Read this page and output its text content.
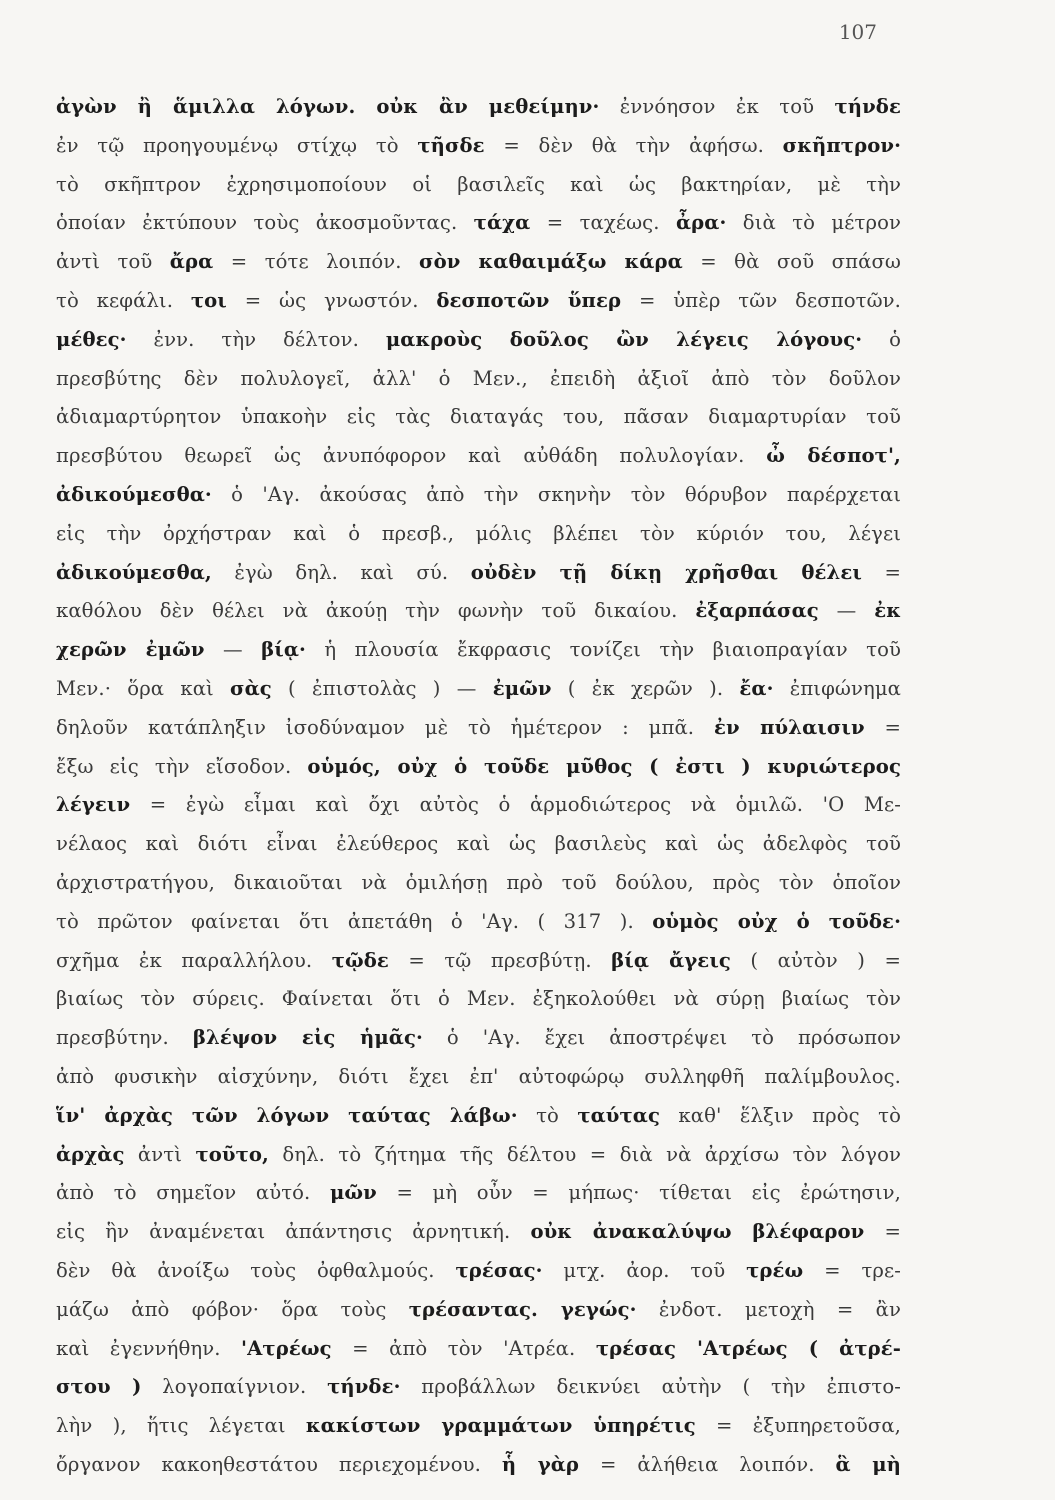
107
ἀγὼν ἢ ἅμιλλα λόγων. οὐκ ἂν μεθείμην· ἐννόησον ἐκ τοῦ τήνδε
ἐν τῷ προηγουμένῳ στίχῳ τὸ τῆσδε = δὲν θὰ τὴν ἀφήσω. σκῆπτρον·
τὸ σκῆπτρον ἐχρησιμοποίουν οἱ βασιλεῖς καὶ ὡς βακτηρίαν, μὲ τὴν
ὁποίαν ἐκτύπουν τοὺς ἀκοσμοῦντας. τάχα = ταχέως. ἆρα· διὰ τὸ μέτρον
ἀντὶ τοῦ ἄρα = τότε λοιπόν. σὸν καθαιμάξω κάρα = θὰ σοῦ σπάσω
τὸ κεφάλι. τοι = ὡς γνωστόν. δεσποτῶν ὕπερ = ὑπὲρ τῶν δεσποτῶν.
μέθες· ἐνν. τὴν δέλτον. μακροὺς δοῦλος ὢν λέγεις λόγους· ὁ
πρεσβύτης δὲν πολυλογεῖ, ἀλλ' ὁ Μεν., ἐπειδὴ ἀξιοῖ ἀπὸ τὸν δοῦλον
ἀδιαμαρτύρητον ὑπακοὴν εἰς τὰς διαταγάς του, πᾶσαν διαμαρτυρίαν τοῦ
πρεσβύτου θεωρεῖ ὡς ἀνυπόφορον καὶ αὐθάδη πολυλογίαν. ὦ δέσποτ',
ἀδικούμεσθα· ὁ 'Αγ. ἀκούσας ἀπὸ τὴν σκηνὴν τὸν θόρυβον παρέρχεται
εἰς τὴν ὀρχήστραν καὶ ὁ πρεσβ., μόλις βλέπει τὸν κύριόν του, λέγει
ἀδικούμεσθα, ἐγὼ δηλ. καὶ σύ. οὐδὲν τῇ δίκῃ χρῆσθαι θέλει =
καθόλου δὲν θέλει νὰ ἀκούῃ τὴν φωνὴν τοῦ δικαίου. ἐξαρπάσας — ἐκ
χερῶν ἐμῶν — βίᾳ· ἡ πλουσία ἔκφρασις τονίζει τὴν βιαιοπραγίαν τοῦ
Μεν.· ὅρα καὶ σὰς ( ἐπιστολὰς ) — ἐμῶν ( ἐκ χερῶν ). ἔα· ἐπιφώνημα
δηλοῦν κατάπληξιν ἰσοδύναμον μὲ τὸ ἡμέτερον : μπᾶ. ἐν πύλαισιν =
ἔξω εἰς τὴν εἴσοδον. οὑμός, οὐχ ὁ τοῦδε μῦθος ( ἐστι ) κυριώτερος
λέγειν = ἐγὼ εἶμαι καὶ ὄχι αὐτὸς ὁ ἁρμοδιώτερος νὰ ὁμιλῶ. 'Ο Με-
νέλαος καὶ διότι εἶναι ἐλεύθερος καὶ ὡς βασιλεὺς καὶ ὡς ἀδελφὸς τοῦ
ἀρχιστρατήγου, δικαιοῦται νὰ ὁμιλήσῃ πρὸ τοῦ δούλου, πρὸς τὸν ὁποῖον
τὸ πρῶτον φαίνεται ὅτι ἀπετάθη ὁ 'Αγ. ( 317 ). οὑμὸς οὐχ ὁ τοῦδε·
σχῆμα ἐκ παραλλήλου. τῷδε = τῷ πρεσβύτῃ. βίᾳ ἄγεις ( αὐτὸν ) =
βιαίως τὸν σύρεις. Φαίνεται ὅτι ὁ Μεν. ἐξηκολούθει νὰ σύρῃ βιαίως τὸν
πρεσβύτην. βλέψον εἰς ἡμᾶς· ὁ 'Αγ. ἔχει ἀποστρέψει τὸ πρόσωπον
ἀπὸ φυσικὴν αἰσχύνην, διότι ἔχει ἐπ' αὐτοφώρῳ συλληφθῆ παλίμβουλος.
ἵν' ἀρχὰς τῶν λόγων ταύτας λάβω· τὸ ταύτας καθ' ἕλξιν πρὸς τὸ
ἀρχὰς ἀντὶ τοῦτο, δηλ. τὸ ζήτημα τῆς δέλτου = διὰ νὰ ἀρχίσω τὸν λόγον
ἀπὸ τὸ σημεῖον αὐτό. μῶν = μὴ οὖν = μήπως· τίθεται εἰς ἐρώτησιν,
εἰς ἣν ἀναμένεται ἀπάντησις ἀρνητική. οὐκ ἀνακαλύψω βλέφαρον =
δὲν θὰ ἀνοίξω τοὺς ὀφθαλμούς. τρέσας· μτχ. ἀορ. τοῦ τρέω = τρε-
μάζω ἀπὸ φόβον· ὅρα τοὺς τρέσαντας. γεγώς· ἐνδοτ. μετοχὴ = ἂν
καὶ ἐγεννήθην. 'Ατρέως = ἀπὸ τὸν 'Ατρέα. τρέσας 'Ατρέως ( ἀτρέ-
στου ) λογοπαίγνιον. τήνδε· προβάλλων δεικνύει αὐτὴν ( τὴν ἐπιστο-
λὴν ), ἥτις λέγεται κακίστων γραμμάτων ὑπηρέτις = ἐξυπηρετοῦσα,
ὄργανον κακοηθεστάτου περιεχομένου. ἧ γὰρ = ἀλήθεια λοιπόν. ἃ μὴ
